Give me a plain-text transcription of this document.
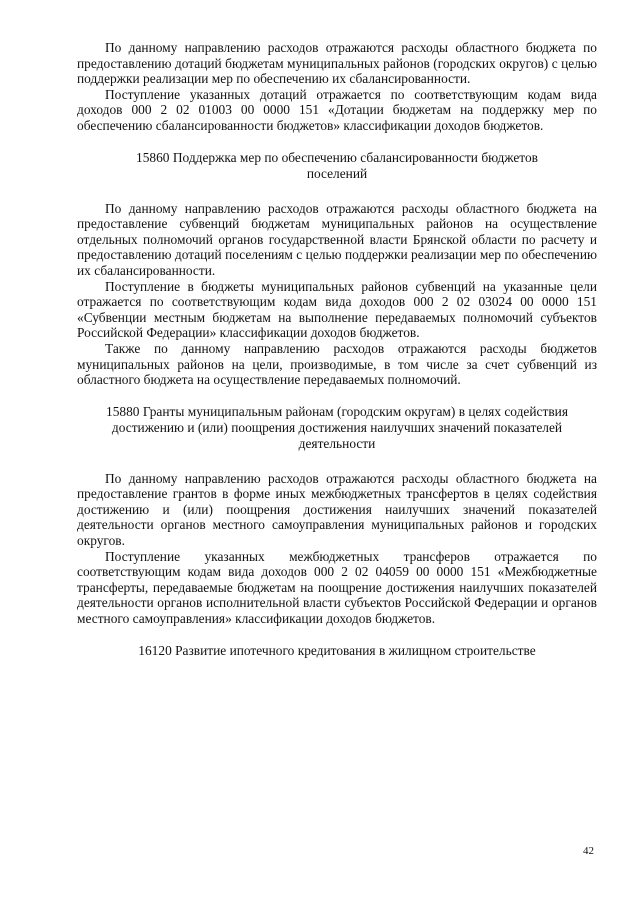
По данному направлению расходов отражаются расходы областного бюджета по предоставлению дотаций бюджетам муниципальных районов (городских округов) с целью поддержки реализации мер по обеспечению их сбалансированности.

Поступление указанных дотаций отражается по соответствующим кодам вида доходов 000 2 02 01003 00 0000 151 «Дотации бюджетам на поддержку мер по обеспечению сбалансированности бюджетов» классификации доходов бюджетов.

15860 Поддержка мер по обеспечению сбалансированности бюджетов поселений

По данному направлению расходов отражаются расходы областного бюджета на предоставление субвенций бюджетам муниципальных районов на осуществление отдельных полномочий органов государственной власти Брянской области по расчету и предоставлению дотаций поселениям с целью поддержки реализации мер по обеспечению их сбалансированности.

Поступление в бюджеты муниципальных районов субвенций на указанные цели отражается по соответствующим кодам вида доходов 000 2 02 03024 00 0000 151 «Субвенции местным бюджетам на выполнение передаваемых полномочий субъектов Российской Федерации» классификации доходов бюджетов.

Также по данному направлению расходов отражаются расходы бюджетов муниципальных районов на цели, производимые, в том числе за счет субвенций из областного бюджета на осуществление передаваемых полномочий.

15880 Гранты муниципальным районам (городским округам) в целях содействия достижению и (или) поощрения достижения наилучших значений показателей деятельности

По данному направлению расходов отражаются расходы областного бюджета на предоставление грантов в форме иных межбюджетных трансфертов в целях содействия достижению и (или) поощрения достижения наилучших значений показателей деятельности органов местного самоуправления муниципальных районов и городских округов.

Поступление указанных межбюджетных трансферов отражается по соответствующим кодам вида доходов 000 2 02 04059 00 0000 151 «Межбюджетные трансферты, передаваемые бюджетам на поощрение достижения наилучших показателей деятельности органов исполнительной власти субъектов Российской Федерации и органов местного самоуправления» классификации доходов бюджетов.

16120 Развитие ипотечного кредитования в жилищном строительстве

42
